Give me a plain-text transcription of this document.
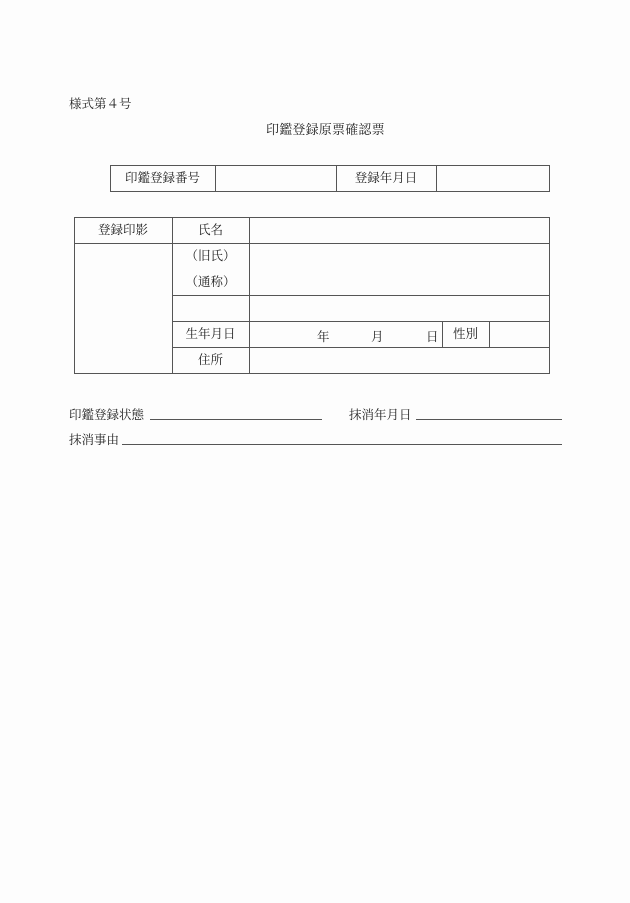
様式第４号
印鑑登録原票確認票
印鑑登録番号	登録年月日
登録印影	氏名
（旧氏）
（通称）
生年月日	年	月	日	性別
住所
印鑑登録状態	抹消年月日
抹消事由
